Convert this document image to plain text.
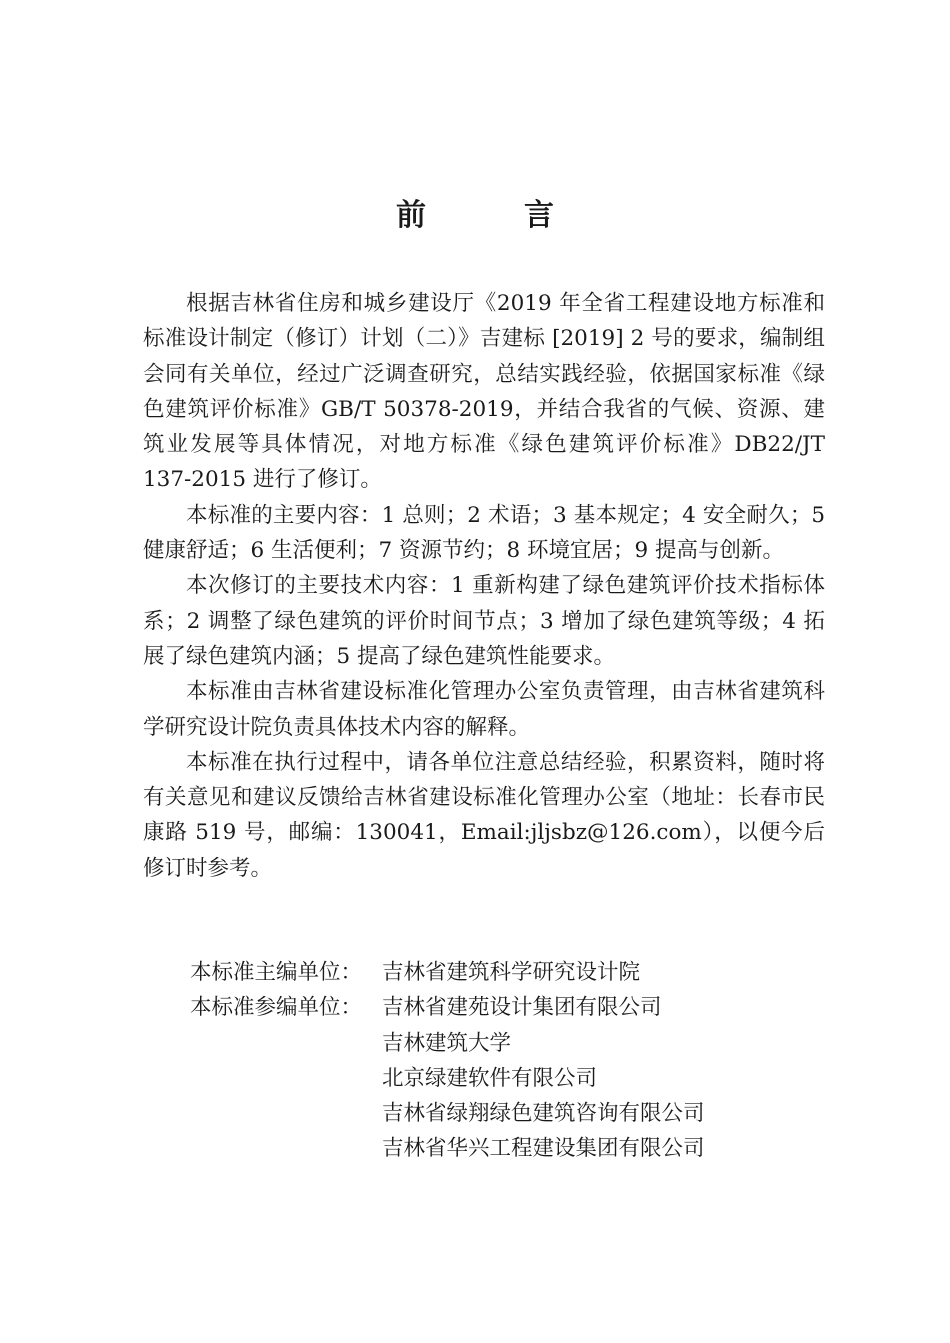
前　言

根据吉林省住房和城乡建设厅《2019 年全省工程建设地方标准和标准设计制定（修订）计划（二）》吉建标 [2019] 2 号的要求，编制组会同有关单位，经过广泛调查研究，总结实践经验，依据国家标准《绿色建筑评价标准》GB/T 50378-2019，并结合我省的气候、资源、建筑业发展等具体情况，对地方标准《绿色建筑评价标准》DB22/JT 137-2015 进行了修订。

本标准的主要内容：1 总则；2 术语；3 基本规定；4 安全耐久；5 健康舒适；6 生活便利；7 资源节约；8 环境宜居；9 提高与创新。

本次修订的主要技术内容：1 重新构建了绿色建筑评价技术指标体系；2 调整了绿色建筑的评价时间节点；3 增加了绿色建筑等级；4 拓展了绿色建筑内涵；5 提高了绿色建筑性能要求。

本标准由吉林省建设标准化管理办公室负责管理，由吉林省建筑科学研究设计院负责具体技术内容的解释。

本标准在执行过程中，请各单位注意总结经验，积累资料，随时将有关意见和建议反馈给吉林省建设标准化管理办公室（地址：长春市民康路 519 号，邮编：130041，Email:jljsbz@126.com），以便今后修订时参考。

本标准主编单位： 吉林省建筑科学研究设计院
本标准参编单位： 吉林省建苑设计集团有限公司
吉林建筑大学
北京绿建软件有限公司
吉林省绿翔绿色建筑咨询有限公司
吉林省华兴工程建设集团有限公司
